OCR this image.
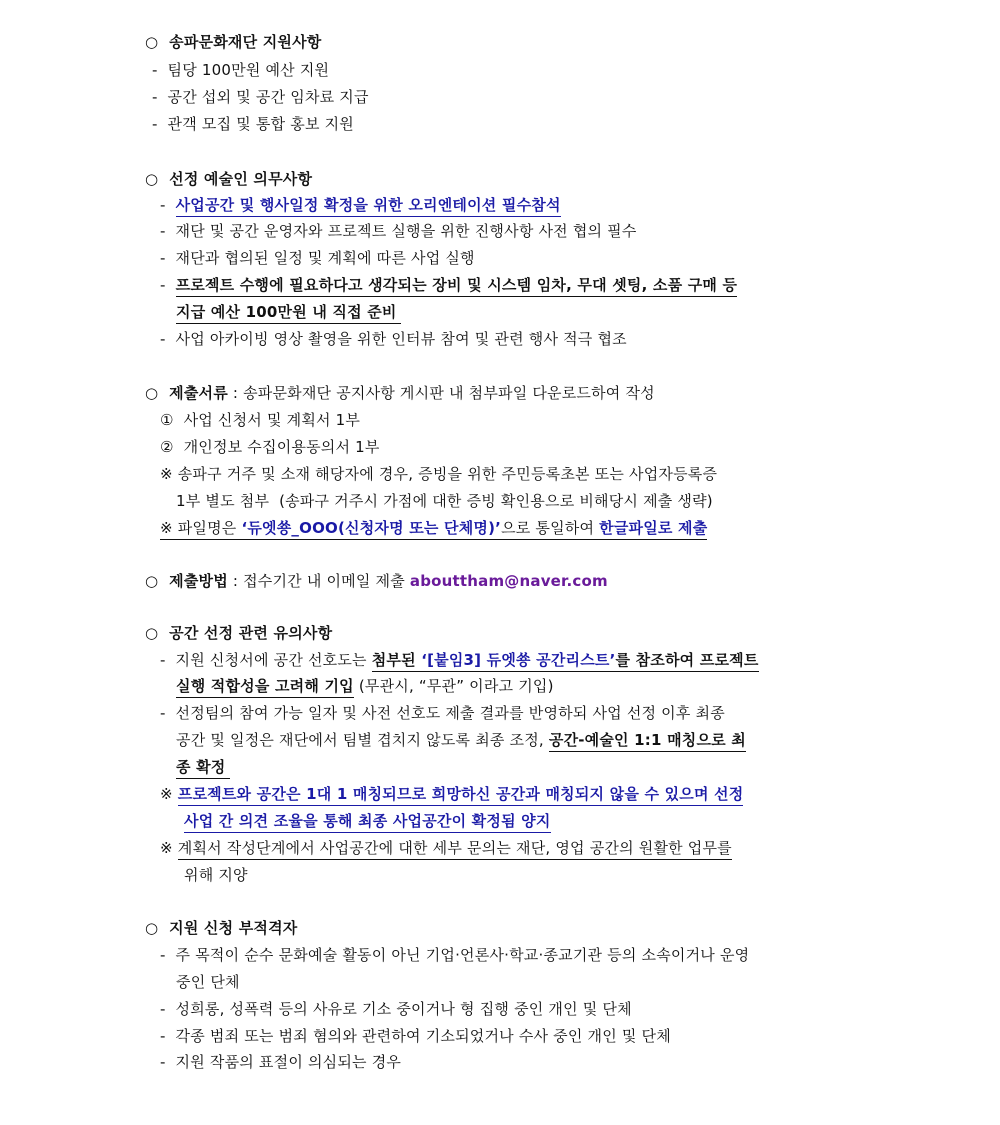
○  송파문화재단 지원사항
-  팀당 100만원 예산 지원
-  공간 섭외 및 공간 임차료 지급
-  관객 모집 및 통합 홍보 지원
○  선정 예술인 의무사항
-  사업공간 및 행사일정 확정을 위한 오리엔테이션 필수참석
-  재단 및 공간 운영자와 프로젝트 실행을 위한 진행사항 사전 협의 필수
-  재단과 협의된 일정 및 계획에 따른 사업 실행
-  프로젝트 수행에 필요하다고 생각되는 장비 및 시스템 임차, 무대 셋팅, 소품 구매 등
지급 예산 100만원 내 직접 준비
-  사업 아카이빙 영상 촬영을 위한 인터뷰 참여 및 관련 행사 적극 협조
○  제출서류 : 송파문화재단 공지사항 게시판 내 첨부파일 다운로드하여 작성
①  사업 신청서 및 계획서 1부
②  개인정보 수집이용동의서 1부
※ 송파구 거주 및 소재 해당자에 경우, 증빙을 위한 주민등록초본 또는 사업자등록증
1부 별도 첨부  (송파구 거주시 가점에 대한 증빙 확인용으로 비해당시 제출 생략)
※ 파일명은 ‘듀엣쑝_OOO(신청자명 또는 단체명)’으로 통일하여 한글파일로 제출
○  제출방법 : 접수기간 내 이메일 제출 abouttham@naver.com
○  공간 선정 관련 유의사항
-  지원 신청서에 공간 선호도는 첨부된 ‘[붙임3] 듀엣쑝 공간리스트’를 참조하여 프로젝트
실행 적합성을 고려해 기입 (무관시, “무관” 이라고 기입)
-  선정팀의 참여 가능 일자 및 사전 선호도 제출 결과를 반영하되 사업 선정 이후 최종
공간 및 일정은 재단에서 팀별 겹치지 않도록 최종 조정, 공간-예술인 1:1 매칭으로 최
종 확정
※ 프로젝트와 공간은 1대 1 매칭되므로 희망하신 공간과 매칭되지 않을 수 있으며 선정
사업 간 의견 조율을 통해 최종 사업공간이 확정됨 양지
※ 계획서 작성단계에서 사업공간에 대한 세부 문의는 재단, 영업 공간의 원활한 업무를
위해 지양
○  지원 신청 부적격자
-  주 목적이 순수 문화예술 활동이 아닌 기업·언론사·학교·종교기관 등의 소속이거나 운영
중인 단체
-  성희롱, 성폭력 등의 사유로 기소 중이거나 형 집행 중인 개인 및 단체
-  각종 범죄 또는 범죄 혐의와 관련하여 기소되었거나 수사 중인 개인 및 단체
-  지원 작품의 표절이 의심되는 경우
